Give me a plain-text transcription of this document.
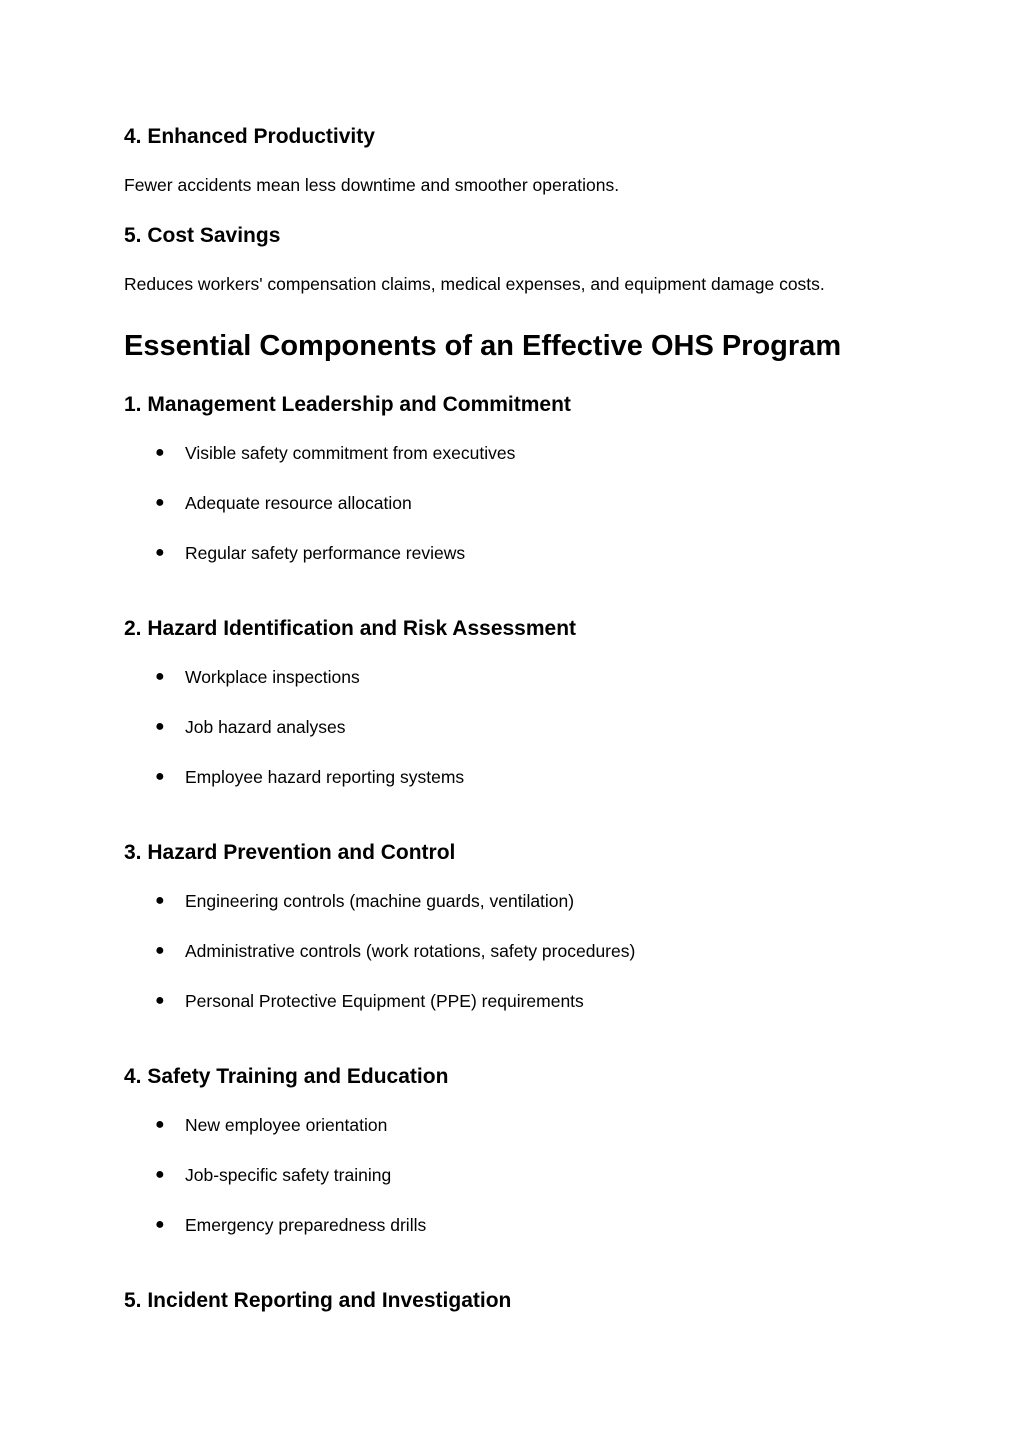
4. Enhanced Productivity

Fewer accidents mean less downtime and smoother operations.

5. Cost Savings

Reduces workers' compensation claims, medical expenses, and equipment damage costs.

Essential Components of an Effective OHS Program
1. Management Leadership and Commitment
● Visible safety commitment from executives
● Adequate resource allocation
● Regular safety performance reviews
2. Hazard Identification and Risk Assessment
● Workplace inspections
● Job hazard analyses
● Employee hazard reporting systems
3. Hazard Prevention and Control
● Engineering controls (machine guards, ventilation)
● Administrative controls (work rotations, safety procedures)
● Personal Protective Equipment (PPE) requirements
4. Safety Training and Education
● New employee orientation
● Job-specific safety training
● Emergency preparedness drills
5. Incident Reporting and Investigation
